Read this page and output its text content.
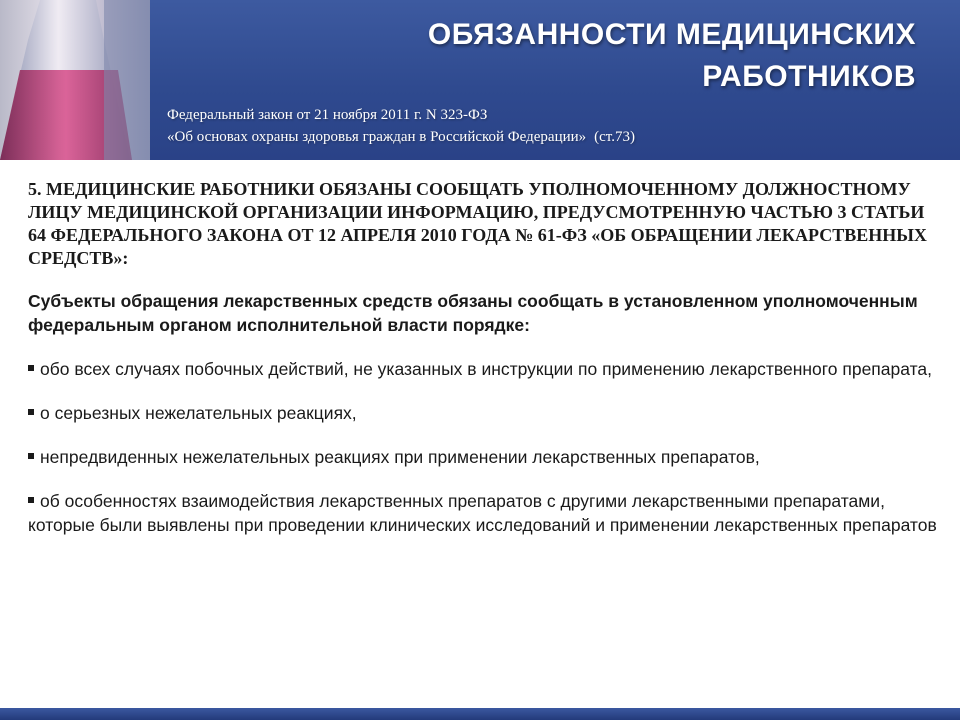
ОБЯЗАННОСТИ МЕДИЦИНСКИХ
РАБОТНИКОВ
Федеральный закон от 21 ноября 2011 г. N 323-ФЗ
«Об основах охраны здоровья граждан в Российской Федерации» (ст.73)

5. МЕДИЦИНСКИЕ РАБОТНИКИ ОБЯЗАНЫ СООБЩАТЬ УПОЛНОМОЧЕННОМУ ДОЛЖНОСТНОМУ ЛИЦУ МЕДИЦИНСКОЙ ОРГАНИЗАЦИИ ИНФОРМАЦИЮ, ПРЕДУСМОТРЕННУЮ ЧАСТЬЮ 3 СТАТЬИ 64 ФЕДЕРАЛЬНОГО ЗАКОНА ОТ 12 АПРЕЛЯ 2010 ГОДА № 61-ФЗ «ОБ ОБРАЩЕНИИ ЛЕКАРСТВЕННЫХ СРЕДСТВ»:

Субъекты обращения лекарственных средств обязаны сообщать в установленном уполномоченным федеральным органом исполнительной власти порядке:

обо всех случаях побочных действий, не указанных в инструкции по применению лекарственного препарата,
о серьезных нежелательных реакциях,
непредвиденных нежелательных реакциях при применении лекарственных препаратов,
об особенностях взаимодействия лекарственных препаратов с другими лекарственными препаратами, которые были выявлены при проведении клинических исследований и применении лекарственных препаратов
